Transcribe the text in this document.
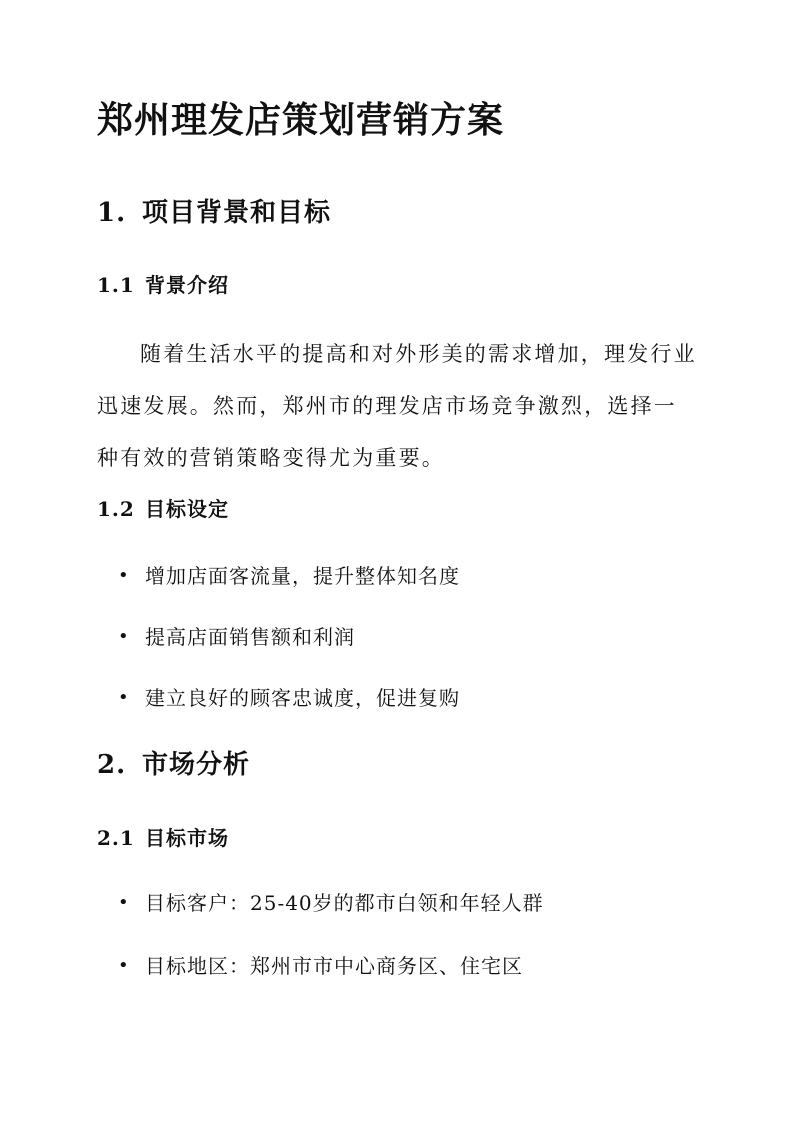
郑州理发店策划营销方案
1. 项目背景和目标
1.1 背景介绍
随着生活水平的提高和对外形美的需求增加，理发行业迅速发展。然而，郑州市的理发店市场竞争激烈，选择一种有效的营销策略变得尤为重要。
1.2 目标设定
• 增加店面客流量，提升整体知名度
• 提高店面销售额和利润
• 建立良好的顾客忠诚度，促进复购
2. 市场分析
2.1 目标市场
• 目标客户：25-40岁的都市白领和年轻人群
• 目标地区：郑州市市中心商务区、住宅区
